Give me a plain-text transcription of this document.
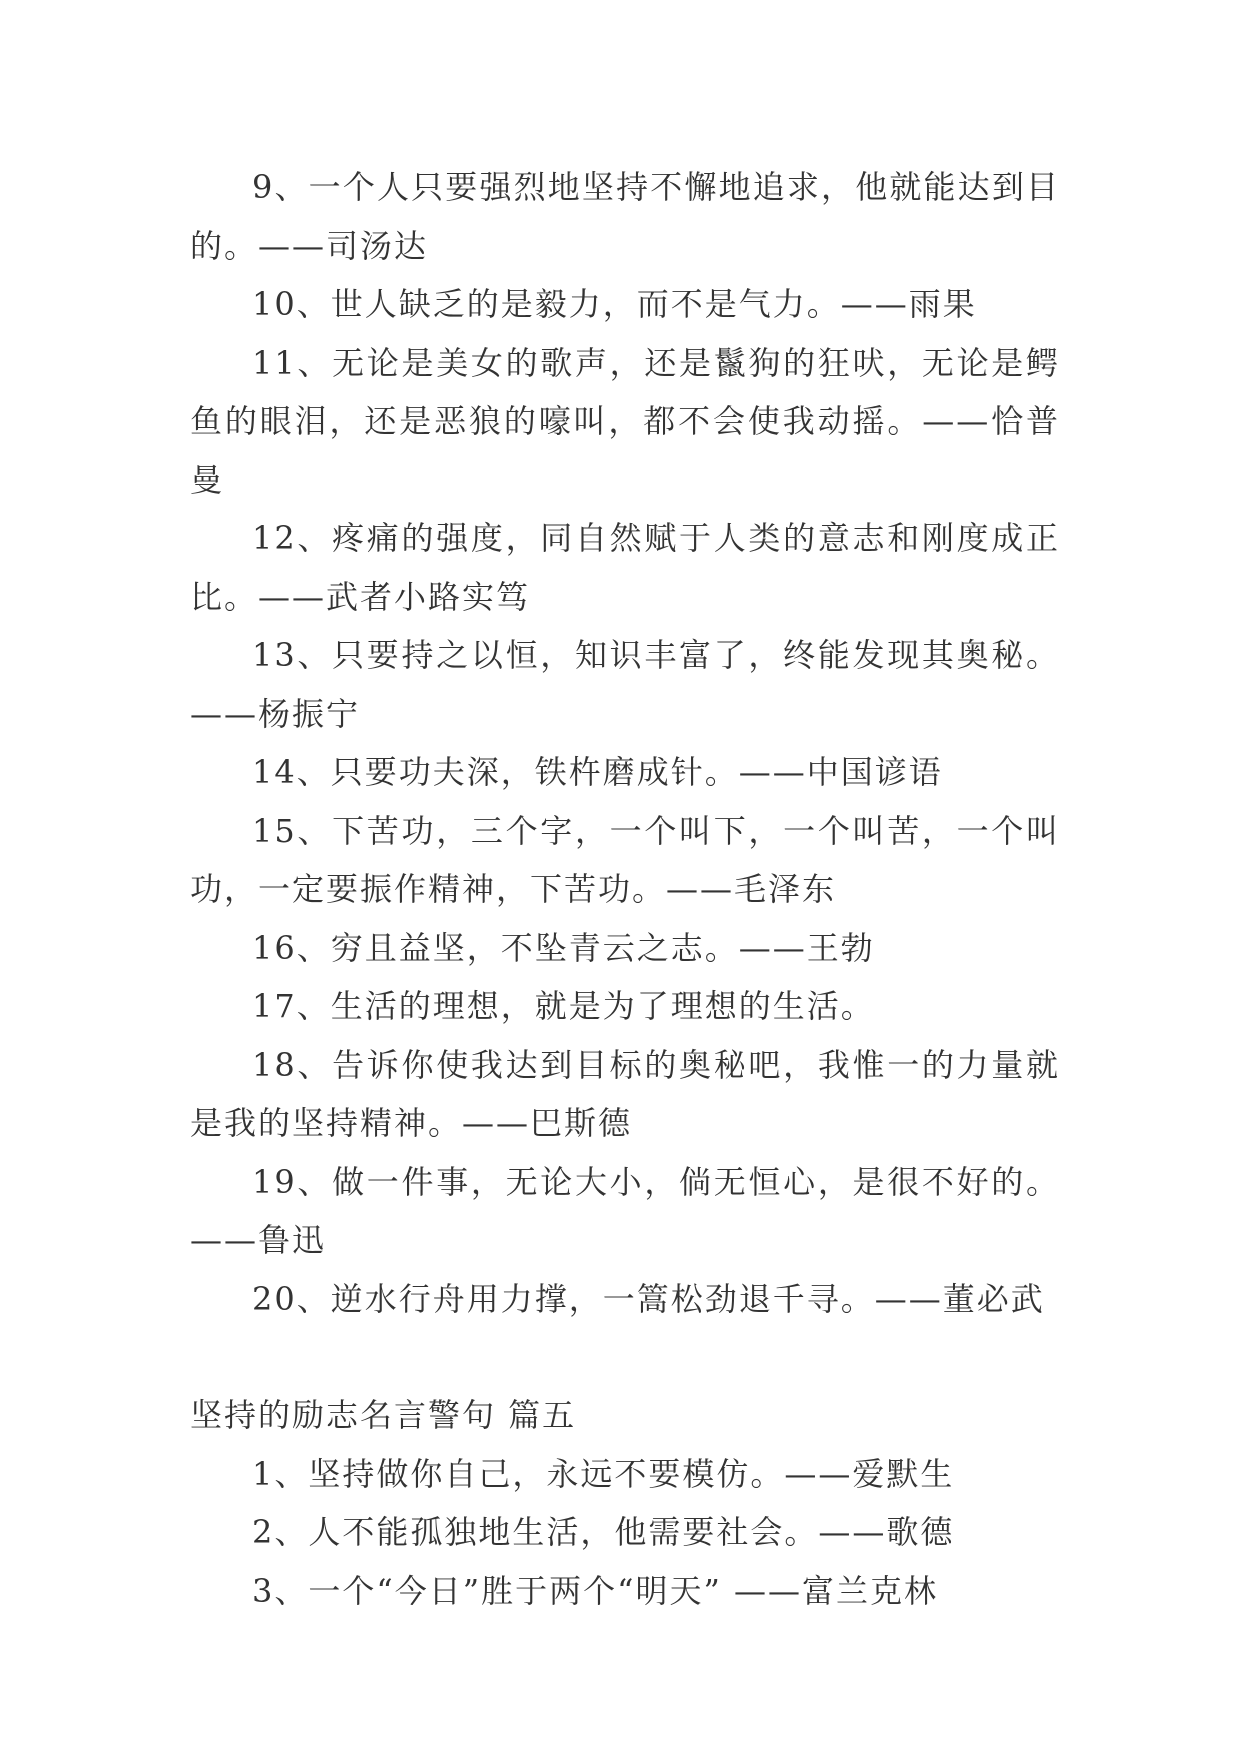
9、一个人只要强烈地坚持不懈地追求，他就能达到目的。——司汤达

10、世人缺乏的是毅力，而不是气力。——雨果

11、无论是美女的歌声，还是鬣狗的狂吠，无论是鳄鱼的眼泪，还是恶狼的嚎叫，都不会使我动摇。——恰普曼

12、疼痛的强度，同自然赋于人类的意志和刚度成正比。——武者小路实笃

13、只要持之以恒，知识丰富了，终能发现其奥秘。——杨振宁

14、只要功夫深，铁杵磨成针。——中国谚语

15、下苦功，三个字，一个叫下，一个叫苦，一个叫功，一定要振作精神，下苦功。——毛泽东

16、穷且益坚，不坠青云之志。——王勃

17、生活的理想，就是为了理想的生活。

18、告诉你使我达到目标的奥秘吧，我惟一的力量就是我的坚持精神。——巴斯德

19、做一件事，无论大小，倘无恒心，是很不好的。——鲁迅

20、逆水行舟用力撑，一篙松劲退千寻。——董必武

坚持的励志名言警句 篇五

1、坚持做你自己，永远不要模仿。——爱默生

2、人不能孤独地生活，他需要社会。——歌德

3、一个“今日”胜于两个“明天” ——富兰克林
